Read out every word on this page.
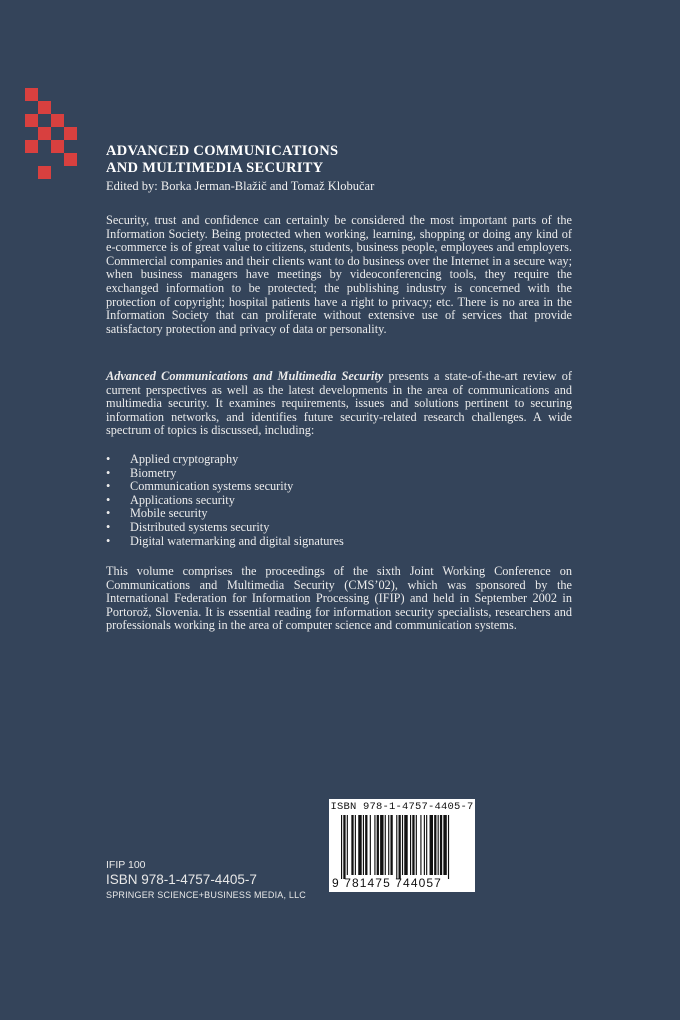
ADVANCED COMMUNICATIONS
AND MULTIMEDIA SECURITY
Edited by: Borka Jerman-Blažič and Tomaž Klobučar

Security, trust and confidence can certainly be considered the most important parts of the Information Society. Being protected when working, learning, shopping or doing any kind of e-commerce is of great value to citizens, students, business people, employees and employers. Commercial companies and their clients want to do business over the Internet in a secure way; when business managers have meetings by videoconferencing tools, they require the exchanged information to be protected; the publishing industry is concerned with the protection of copyright; hospital patients have a right to privacy; etc. There is no area in the Information Society that can proliferate without extensive use of services that provide satisfactory protection and privacy of data or personality.

Advanced Communications and Multimedia Security presents a state-of-the-art review of current perspectives as well as the latest developments in the area of communications and multimedia security. It examines requirements, issues and solutions pertinent to securing information networks, and identifies future security-related research challenges. A wide spectrum of topics is discussed, including:

•	Applied cryptography
•	Biometry
•	Communication systems security
•	Applications security
•	Mobile security
•	Distributed systems security
•	Digital watermarking and digital signatures

This volume comprises the proceedings of the sixth Joint Working Conference on Communications and Multimedia Security (CMS’02), which was sponsored by the International Federation for Information Processing (IFIP) and held in September 2002 in Portorož, Slovenia. It is essential reading for information security specialists, researchers and professionals working in the area of computer science and communication systems.

IFIP 100
ISBN 978-1-4757-4405-7
SPRINGER SCIENCE+BUSINESS MEDIA, LLC
ISBN 978-1-4757-4405-7
9 781475 744057
